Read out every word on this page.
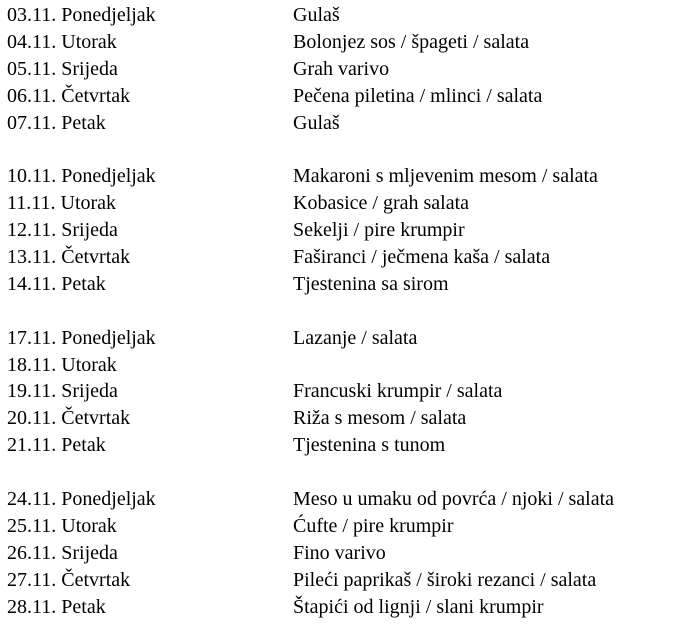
03.11. Ponedjeljak	Gulaš
04.11. Utorak	Bolonjez sos / špageti / salata
05.11. Srijeda	Grah varivo
06.11. Četvrtak	Pečena piletina / mlinci / salata
07.11. Petak	Gulaš
10.11. Ponedjeljak	Makaroni s mljevenim mesom / salata
11.11. Utorak	Kobasice / grah salata
12.11. Srijeda	Sekelji / pire krumpir
13.11. Četvrtak	Faširanci / ječmena kaša / salata
14.11. Petak	Tjestenina sa sirom
17.11. Ponedjeljak	Lazanje / salata
18.11. Utorak
19.11. Srijeda	Francuski krumpir / salata
20.11. Četvrtak	Riža s mesom / salata
21.11. Petak	Tjestenina s tunom
24.11. Ponedjeljak	Meso u umaku od povrća / njoki / salata
25.11. Utorak	Ćufte / pire krumpir
26.11. Srijeda	Fino varivo
27.11. Četvrtak	Pileći paprikaš / široki rezanci / salata
28.11. Petak	Štapići od lignji / slani krumpir
